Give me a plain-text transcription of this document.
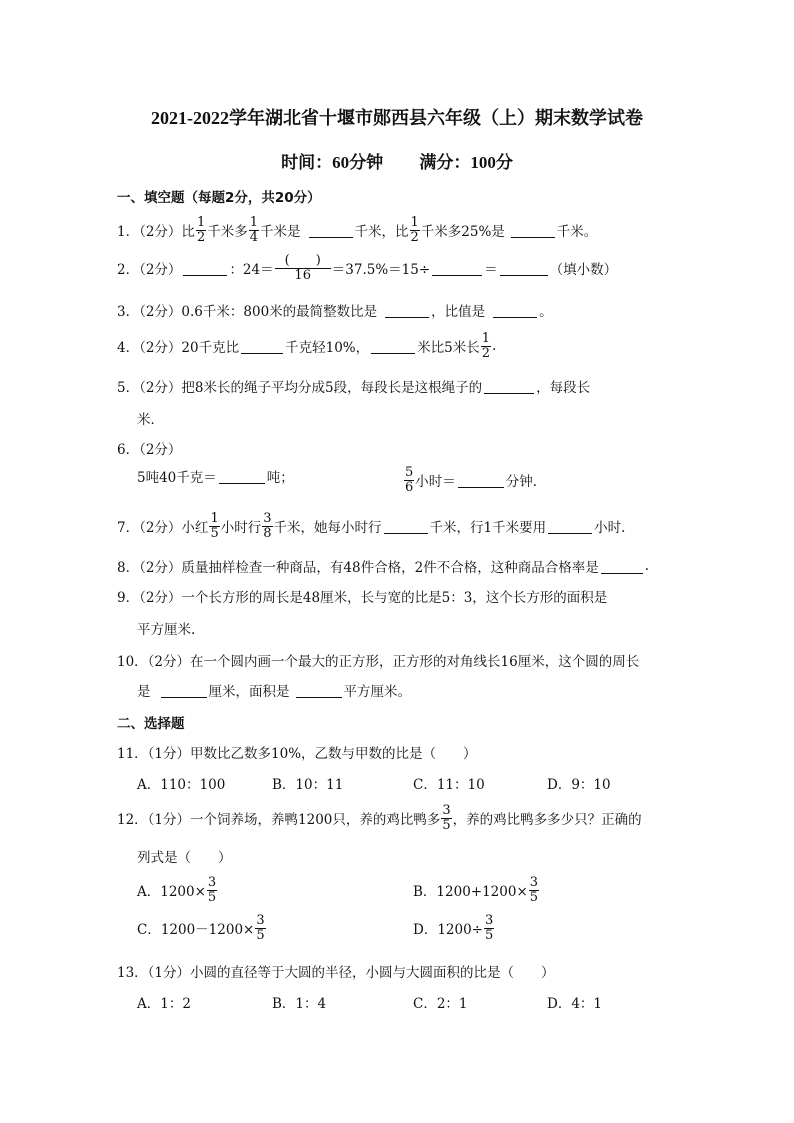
2021-2022学年湖北省十堰市郧西县六年级（上）期末数学试卷
时间：60分钟 满分：100分
一、填空题（每题2分，共20分）
1．（2分）比 $\frac{1}{2}$ 千米多 $\frac{1}{4}$ 千米是	千米，比 $\frac{1}{2}$ 千米多25%是	千米。
2．（2分）	：$24= \frac{( )}{16} =37.5\%=15\div$	＝	（填小数）
3．（2分）0.6千米：800米的最简整数比是	，比值是	。
4．（2分）20千克比	千克轻10%，	米比5米长 $\frac{1}{2}$ .
5．（2分）把8米长的绳子平均分成5段，每段长是这根绳子的	，每段长
米．
6．（2分）
5吨40千克＝	吨；	$\frac{5}{6}$ 小时＝	分钟.
7．（2分）小红 $\frac{1}{5}$ 小时行 $\frac{3}{8}$ 千米，她每小时行	千米，行1千米要用	小时.
8．（2分）质量抽样检查一种商品，有48件合格，2件不合格，这种商品合格率是	.
9．（2分）一个长方形的周长是48厘米，长与宽的比是5：3，这个长方形的面积是
平方厘米.
10．（2分）在一个圆内画一个最大的正方形，正方形的对角线长16厘米，这个圆的周长
是	厘米，面积是	平方厘米。
二、选择题
11．（1分）甲数比乙数多10%，乙数与甲数的比是（　　）
A．110：100	B．10：11	C．11：10	D．9：10
12．（1分）一个饲养场，养鸭1200只，养的鸡比鸭多 $\frac{3}{5}$ ，养的鸡比鸭多多少只？正确的
列式是（　　）
A．$1200\times \frac{3}{5}$	B．$1200+1200\times \frac{3}{5}$
C．$1200-1200\times \frac{3}{5}$	D．$1200\div \frac{3}{5}$
13．（1分）小圆的直径等于大圆的半径，小圆与大圆面积的比是（　　）
A．1：2	B．1：4	C．2：1	D．4：1
